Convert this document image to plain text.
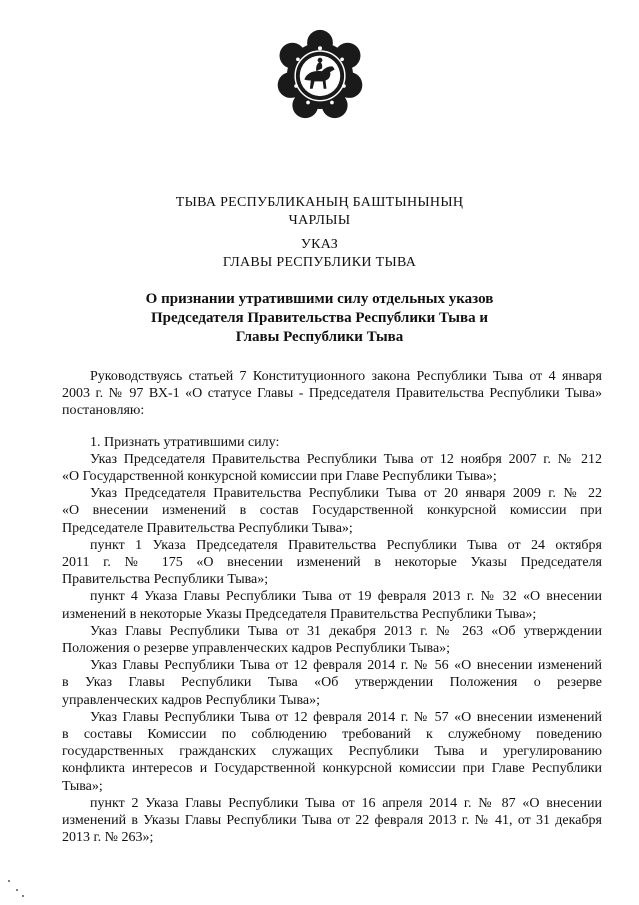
ТЫВА РЕСПУБЛИКАНЫҢ БАШТЫНЫНЫҢ
ЧАРЛЫЫ
УКАЗ
ГЛАВЫ РЕСПУБЛИКИ ТЫВА
О признании утратившими силу отдельных указов
Председателя Правительства Республики Тыва и
Главы Республики Тыва

Руководствуясь статьей 7 Конституционного закона Республики Тыва от 4 января

2003 г. № 97 ВХ-1 «О статусе Главы - Председателя Правительства Республики Тыва»

постановляю:

1. Признать утратившими силу:

Указ Председателя Правительства Республики Тыва от 12 ноября 2007 г. № 212

«О Государственной конкурсной комиссии при Главе Республики Тыва»;

Указ Председателя Правительства Республики Тыва от 20 января 2009 г. № 22

«О внесении изменений в состав Государственной конкурсной комиссии при

Председателе Правительства Республики Тыва»;

пункт 1 Указа Председателя Правительства Республики Тыва от 24 октября

2011 г. № 175 «О внесении изменений в некоторые Указы Председателя

Правительства Республики Тыва»;

пункт 4 Указа Главы Республики Тыва от 19 февраля 2013 г. № 32 «О внесении

изменений в некоторые Указы Председателя Правительства Республики Тыва»;

Указ Главы Республики Тыва от 31 декабря 2013 г. № 263 «Об утверждении

Положения о резерве управленческих кадров Республики Тыва»;

Указ Главы Республики Тыва от 12 февраля 2014 г. № 56 «О внесении изменений

в Указ Главы Республики Тыва «Об утверждении Положения о резерве

управленческих кадров Республики Тыва»;

Указ Главы Республики Тыва от 12 февраля 2014 г. № 57 «О внесении изменений

в составы Комиссии по соблюдению требований к служебному поведению

государственных гражданских служащих Республики Тыва и урегулированию

конфликта интересов и Государственной конкурсной комиссии при Главе Республики

Тыва»;

пункт 2 Указа Главы Республики Тыва от 16 апреля 2014 г. № 87 «О внесении

изменений в Указы Главы Республики Тыва от 22 февраля 2013 г. № 41, от 31 декабря

2013 г. № 263»;
